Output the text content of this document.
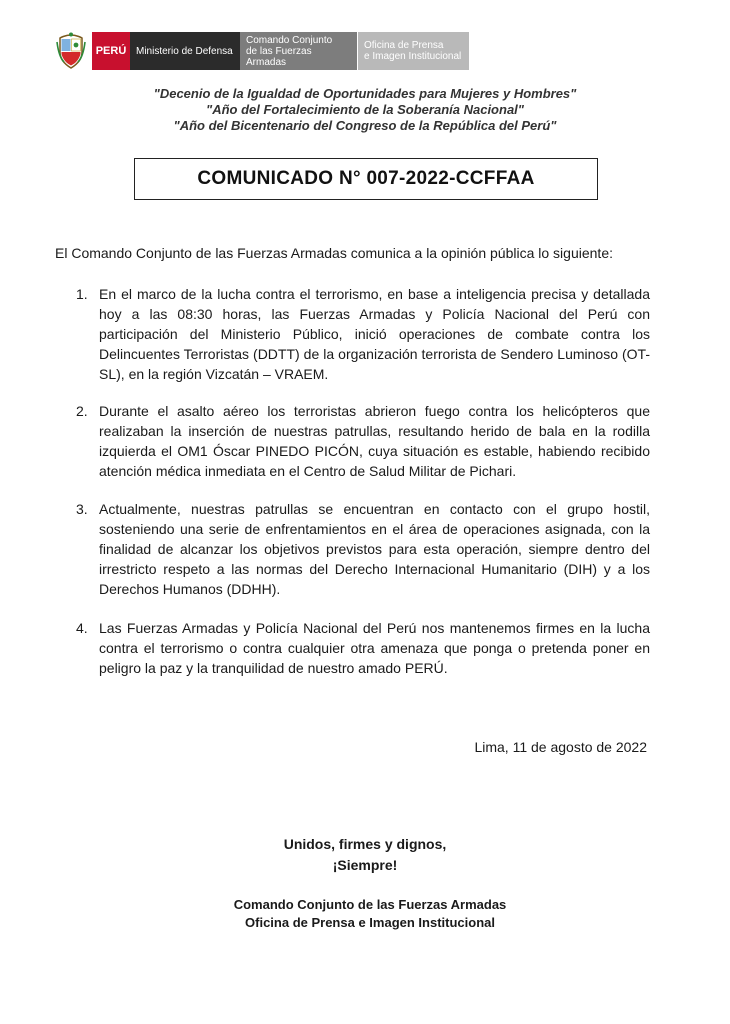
PERÚ Ministerio de Defensa
Comando Conjunto
de las Fuerzas Armadas
Oficina de Prensa
e Imagen Institucional
"Decenio de la Igualdad de Oportunidades para Mujeres y Hombres"
"Año del Fortalecimiento de la Soberanía Nacional"
"Año del Bicentenario del Congreso de la República del Perú"
COMUNICADO N° 007-2022-CCFFAA
El Comando Conjunto de las Fuerzas Armadas comunica a la opinión pública lo siguiente:
1. En el marco de la lucha contra el terrorismo, en base a inteligencia precisa y detallada hoy a las 08:30 horas, las Fuerzas Armadas y Policía Nacional del Perú con participación del Ministerio Público, inició operaciones de combate contra los Delincuentes Terroristas (DDTT) de la organización terrorista de Sendero Luminoso (OT-SL), en la región Vizcatán – VRAEM.
2. Durante el asalto aéreo los terroristas abrieron fuego contra los helicópteros que realizaban la inserción de nuestras patrullas, resultando herido de bala en la rodilla izquierda el OM1 Óscar PINEDO PICÓN, cuya situación es estable, habiendo recibido atención médica inmediata en el Centro de Salud Militar de Pichari.
3. Actualmente, nuestras patrullas se encuentran en contacto con el grupo hostil, sosteniendo una serie de enfrentamientos en el área de operaciones asignada, con la finalidad de alcanzar los objetivos previstos para esta operación, siempre dentro del irrestricto respeto a las normas del Derecho Internacional Humanitario (DIH) y a los Derechos Humanos (DDHH).
4. Las Fuerzas Armadas y Policía Nacional del Perú nos mantenemos firmes en la lucha contra el terrorismo o contra cualquier otra amenaza que ponga o pretenda poner en peligro la paz y la tranquilidad de nuestro amado PERÚ.
Lima, 11 de agosto de 2022
Unidos, firmes y dignos,
¡Siempre!
Comando Conjunto de las Fuerzas Armadas
Oficina de Prensa e Imagen Institucional
